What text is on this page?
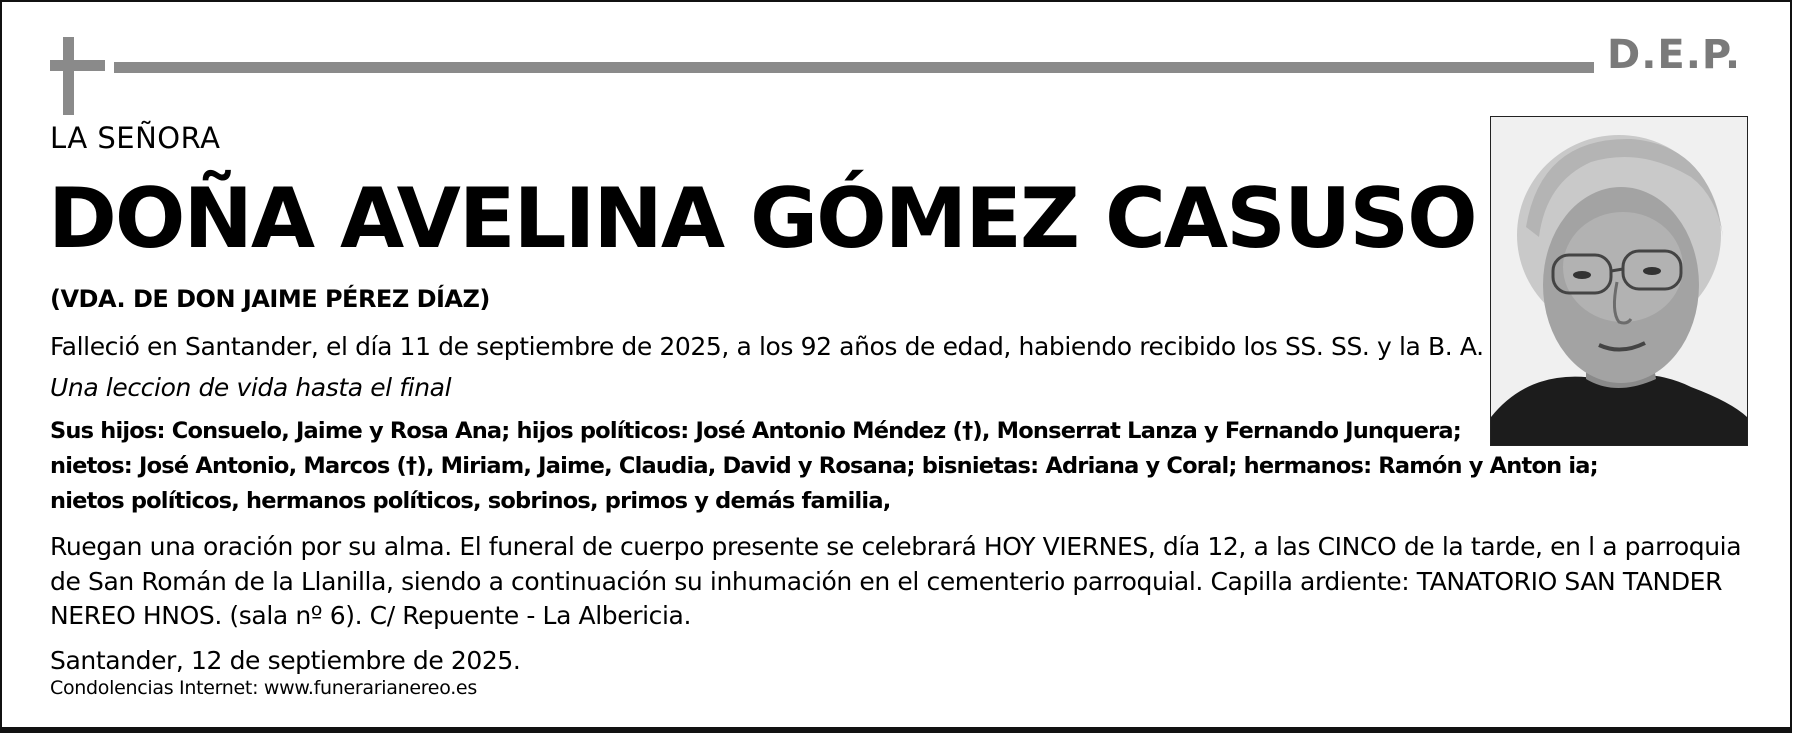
D.E.P.
LA SEÑORA
DOÑA AVELINA GÓMEZ CASUSO
(VDA. DE DON JAIME PÉREZ DÍAZ)
Falleció en Santander, el día 11 de septiembre de 2025, a los 92 años de edad, habiendo recibido los SS. SS. y la B. A.
Una leccion de vida hasta el final
Sus hijos: Consuelo, Jaime y Rosa Ana; hijos políticos: José Antonio Méndez (†), Monserrat Lanza y Fernando Junquera;
nietos: José Antonio, Marcos (†), Miriam, Jaime, Claudia, David y Rosana; bisnietas: Adriana y Coral; hermanos: Ramón y Anton ia;
nietos políticos, hermanos políticos, sobrinos, primos y demás familia,
Ruegan una oración por su alma. El funeral de cuerpo presente se celebrará HOY VIERNES, día 12, a las CINCO de la tarde, en l a parroquia
de San Román de la Llanilla, siendo a continuación su inhumación en el cementerio parroquial. Capilla ardiente: TANATORIO SAN TANDER
NEREO HNOS. (sala nº 6). C/ Repuente - La Albericia.
Santander, 12 de septiembre de 2025.
Condolencias Internet: www.funerarianereo.es
